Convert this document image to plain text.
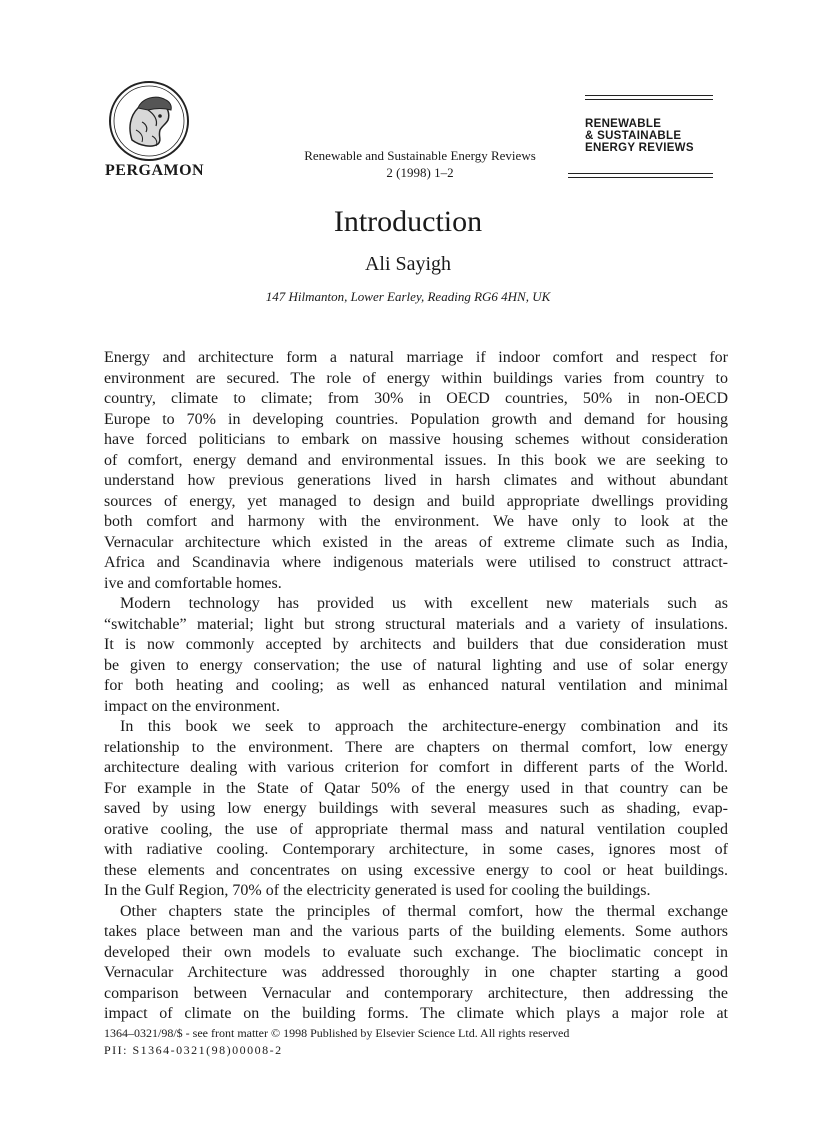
PERGAMON
Renewable and Sustainable Energy Reviews
2 (1998) 1–2
RENEWABLE
& SUSTAINABLE
ENERGY REVIEWS
Introduction
Ali Sayigh
147 Hilmanton, Lower Earley, Reading RG6 4HN, UK

Energy and architecture form a natural marriage if indoor comfort and respect for

environment are secured. The role of energy within buildings varies from country to

country, climate to climate; from 30% in OECD countries, 50% in non-OECD

Europe to 70% in developing countries. Population growth and demand for housing

have forced politicians to embark on massive housing schemes without consideration

of comfort, energy demand and environmental issues. In this book we are seeking to

understand how previous generations lived in harsh climates and without abundant

sources of energy, yet managed to design and build appropriate dwellings providing

both comfort and harmony with the environment. We have only to look at the

Vernacular architecture which existed in the areas of extreme climate such as India,

Africa and Scandinavia where indigenous materials were utilised to construct attract-

ive and comfortable homes.

Modern technology has provided us with excellent new materials such as

“switchable” material; light but strong structural materials and a variety of insulations.

It is now commonly accepted by architects and builders that due consideration must

be given to energy conservation; the use of natural lighting and use of solar energy

for both heating and cooling; as well as enhanced natural ventilation and minimal

impact on the environment.

In this book we seek to approach the architecture-energy combination and its

relationship to the environment. There are chapters on thermal comfort, low energy

architecture dealing with various criterion for comfort in different parts of the World.

For example in the State of Qatar 50% of the energy used in that country can be

saved by using low energy buildings with several measures such as shading, evap-

orative cooling, the use of appropriate thermal mass and natural ventilation coupled

with radiative cooling. Contemporary architecture, in some cases, ignores most of

these elements and concentrates on using excessive energy to cool or heat buildings.

In the Gulf Region, 70% of the electricity generated is used for cooling the buildings.

Other chapters state the principles of thermal comfort, how the thermal exchange

takes place between man and the various parts of the building elements. Some authors

developed their own models to evaluate such exchange. The bioclimatic concept in

Vernacular Architecture was addressed thoroughly in one chapter starting a good

comparison between Vernacular and contemporary architecture, then addressing the

impact of climate on the building forms. The climate which plays a major role at

1364–0321/98/$ - see front matter © 1998 Published by Elsevier Science Ltd. All rights reserved
PII: S1364-0321(98)00008-2
